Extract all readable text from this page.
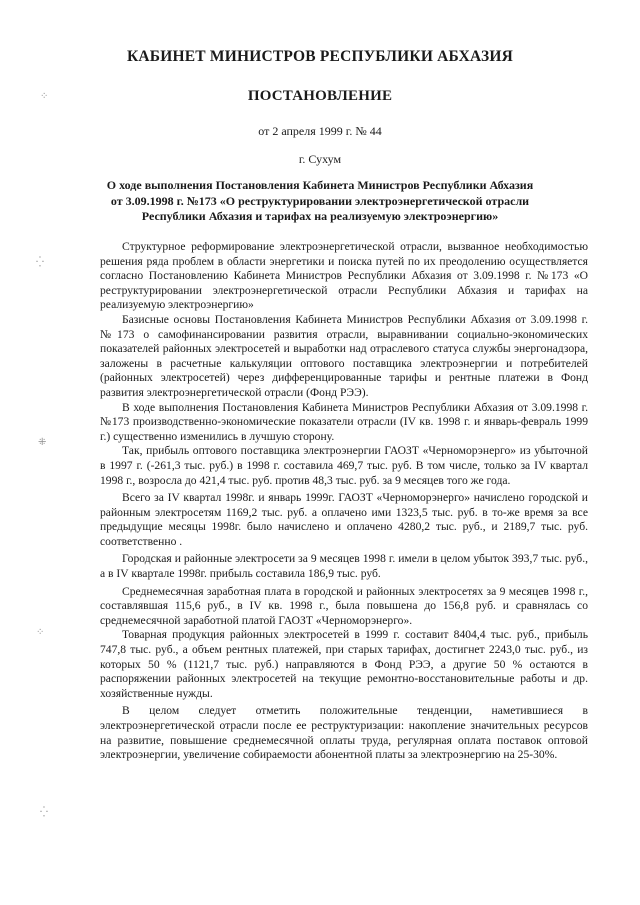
КАБИНЕТ МИНИСТРОВ РЕСПУБЛИКИ АБХАЗИЯ
ПОСТАНОВЛЕНИЕ
от 2 апреля 1999 г. № 44
г. Сухум
О ходе выполнения Постановления Кабинета Министров Республики Абхазия
от 3.09.1998 г. №173 «О реструктурировании электроэнергетической отрасли
Республики Абхазия и тарифах на реализуемую электроэнергию»

Структурное реформирование электроэнергетической отрасли, вызванное необходимостью решения ряда проблем в области энергетики и поиска путей по их преодолению осуществляется согласно Постановлению Кабинета Министров Республики Абхазия от 3.09.1998 г. №173 «О реструктурировании электроэнергетической отрасли Республики Абхазия и тарифах на реализуемую электроэнергию»

Базисные основы Постановления Кабинета Министров Республики Абхазия от 3.09.1998 г. №173 о самофинансировании развития отрасли, выравнивании социально-экономических показателей районных электросетей и выработки над отраслевого статуса службы энергонадзора, заложены в расчетные калькуляции оптового поставщика электроэнергии и потребителей (районных электросетей) через дифференцированные тарифы и рентные платежи в Фонд развития электроэнергетической отрасли (Фонд РЭЭ).

В ходе выполнения Постановления Кабинета Министров Республики Абхазия от 3.09.1998 г. №173 производственно-экономические показатели отрасли (IV кв. 1998 г. и январь-февраль 1999 г.) существенно изменились в лучшую сторону.

Так, прибыль оптового поставщика электроэнергии ГАОЗТ «Черноморэнерго» из убыточной в 1997 г. (-261,3 тыс. руб.) в 1998 г. составила 469,7 тыс. руб. В том числе, только за IV квартал 1998 г., возросла до 421,4 тыс. руб. против 48,3 тыс. руб. за 9 месяцев того же года.

Всего за IV квартал 1998г. и январь 1999г. ГАОЗТ «Черноморэнерго» начислено городской и районным электросетям 1169,2 тыс. руб. а оплачено ими 1323,5 тыс. руб. в то-же время за все предыдущие месяцы 1998г. было начислено и оплачено 4280,2 тыс. руб., и 2189,7 тыс. руб. соответственно .

Городская и районные электросети за 9 месяцев 1998 г. имели в целом убыток 393,7 тыс. руб., а в IV квартале 1998г. прибыль составила 186,9 тыс. руб.

Среднемесячная заработная плата в городской и районных электросетях за 9 месяцев 1998 г., составлявшая 115,6 руб., в IV кв. 1998 г., была повышена до 156,8 руб. и сравнялась со среднемесячной заработной платой ГАОЗТ «Черноморэнерго».

Товарная продукция районных электросетей в 1999 г. составит 8404,4 тыс. руб., прибыль 747,8 тыс. руб., а объем рентных платежей, при старых тарифах, достигнет 2243,0 тыс. руб., из которых 50 % (1121,7 тыс. руб.) направляются в Фонд РЭЭ, а другие 50 % остаются в распоряжении районных электросетей на текущие ремонтно-восстановительные работы и др. хозяйственные нужды.

В целом следует отметить положительные тенденции, наметившиеся в электроэнергетической отрасли после ее реструктуризации: накопление значительных ресурсов на развитие, повышение среднемесячной оплаты труда, регулярная оплата поставок оптовой электроэнергии, увеличение собираемости абонентной платы за электроэнергию на 25-30%.

⁘
⁛
⁜
⁘
⁛
